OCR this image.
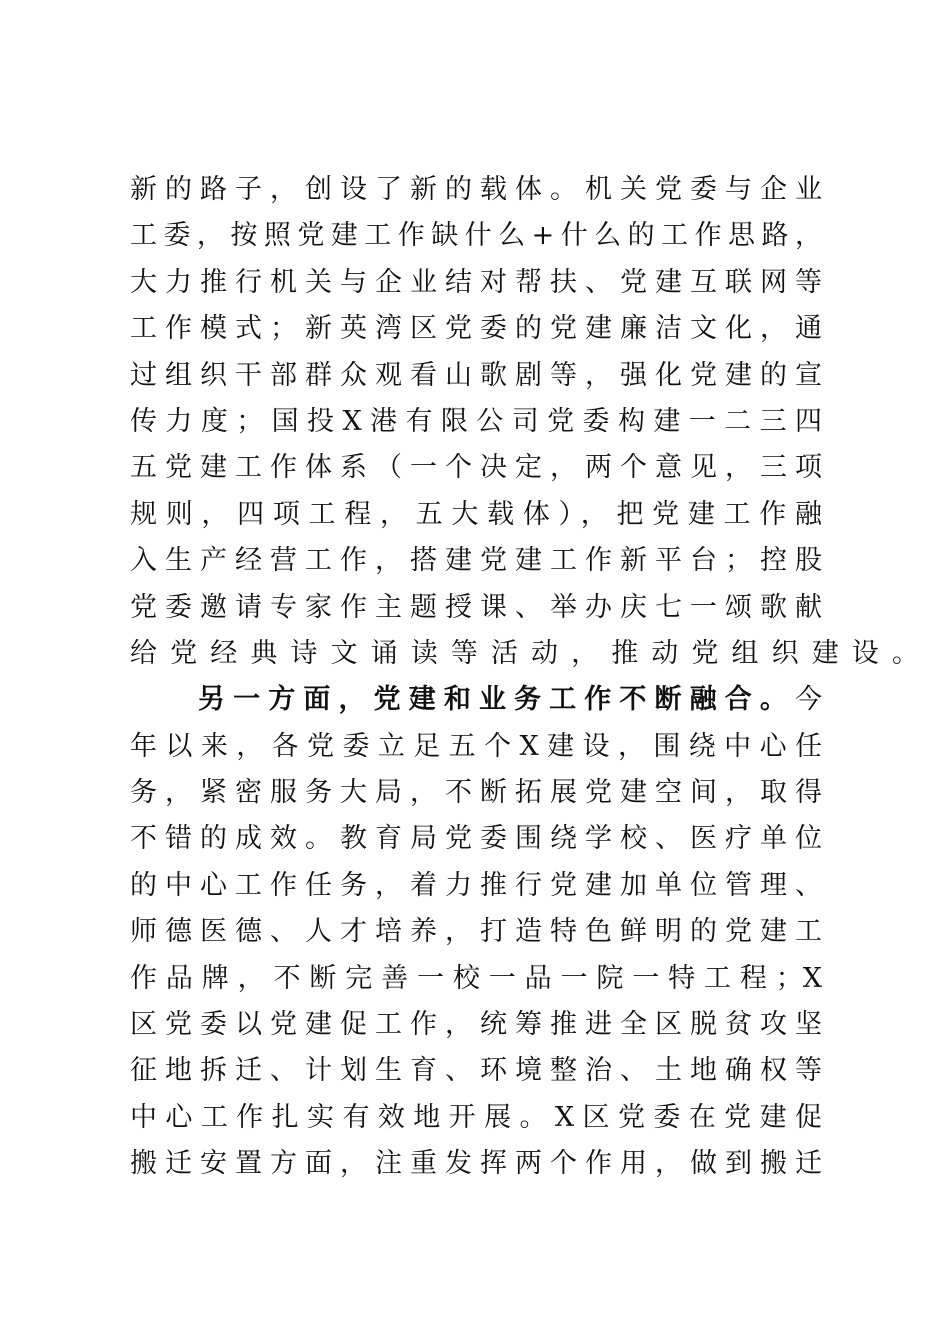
新的路子，创设了新的载体。机关党委与企业
工委，按照党建工作缺什么+什么的工作思路，
大力推行机关与企业结对帮扶、党建互联网等
工作模式；新英湾区党委的党建廉洁文化，通
过组织干部群众观看山歌剧等，强化党建的宣
传力度；国投X港有限公司党委构建一二三四
五党建工作体系（一个决定，两个意见，三项
规则，四项工程，五大载体），把党建工作融
入生产经营工作，搭建党建工作新平台；控股
党委邀请专家作主题授课、举办庆七一颂歌献
给党经典诗文诵读等活动，推动党组织建设。
另一方面，党建和业务工作不断融合。今
年以来，各党委立足五个X建设，围绕中心任
务，紧密服务大局，不断拓展党建空间，取得
不错的成效。教育局党委围绕学校、医疗单位
的中心工作任务，着力推行党建加单位管理、
师德医德、人才培养，打造特色鲜明的党建工
作品牌，不断完善一校一品一院一特工程；X
区党委以党建促工作，统筹推进全区脱贫攻坚
征地拆迁、计划生育、环境整治、土地确权等
中心工作扎实有效地开展。X区党委在党建促
搬迁安置方面，注重发挥两个作用，做到搬迁
